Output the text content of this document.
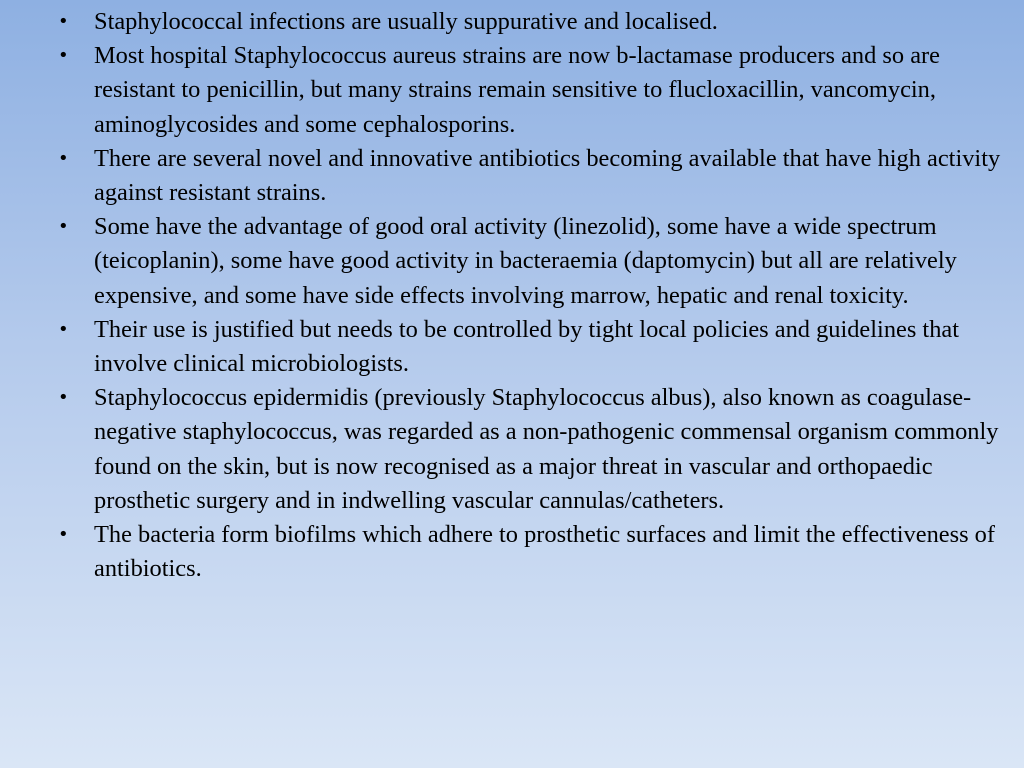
•	Staphylococcal infections are usually suppurative and localised.
•	Most hospital Staphylococcus aureus strains are now b-lactamase producers and so are resistant to penicillin, but many strains remain sensitive to flucloxacillin, vancomycin, aminoglycosides and some cephalosporins.
•	There are several novel and innovative antibiotics becoming available that have high activity against resistant strains.
•	Some have the advantage of good oral activity (linezolid), some have a wide spectrum (teicoplanin), some have good activity in bacteraemia (daptomycin) but all are relatively expensive, and some have side effects involving marrow, hepatic and renal toxicity.
•	Their use is justified but needs to be controlled by tight local policies and guidelines that involve clinical microbiologists.
•	Staphylococcus epidermidis (previously Staphylococcus albus), also known as coagulase-negative staphylococcus, was regarded as a non-pathogenic commensal organism commonly found on the skin, but is now recognised as a major threat in vascular and orthopaedic prosthetic surgery and in indwelling vascular cannulas/catheters.
•	The bacteria form biofilms which adhere to prosthetic surfaces and limit the effectiveness of antibiotics.
